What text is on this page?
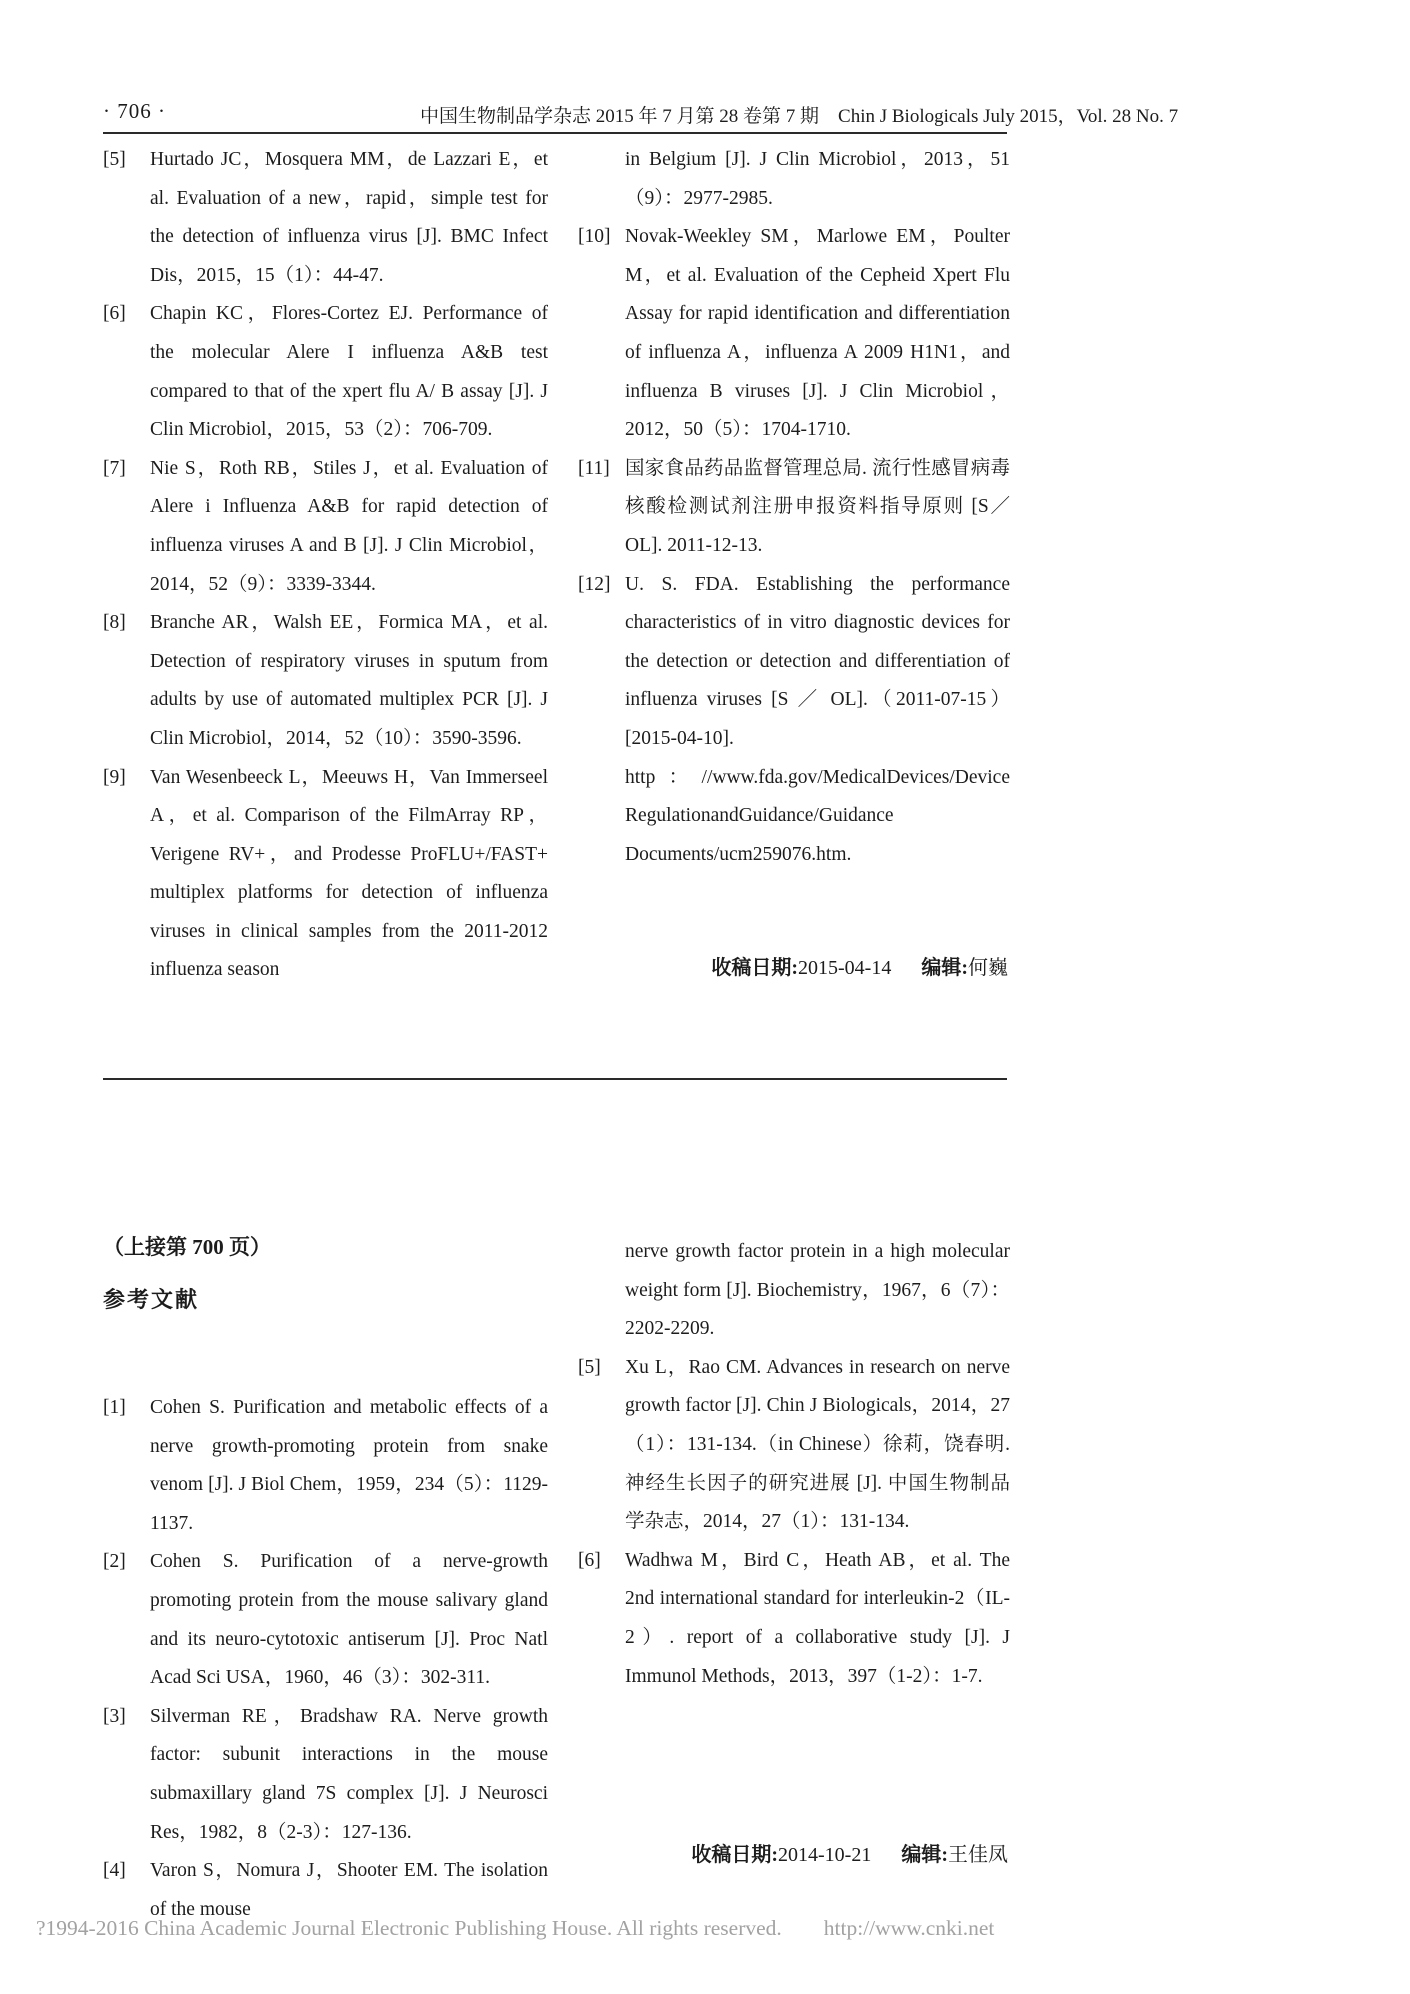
· 706 ·	中国生物制品学杂志 2015 年 7 月第 28 卷第 7 期 Chin J Biologicals July 2015，Vol. 28 No. 7
[5] Hurtado JC，Mosquera MM，de Lazzari E，et al. Evaluation of a new，rapid，simple test for the detection of influenza virus [J]. BMC Infect Dis，2015，15（1）：44-47.
[6] Chapin KC，Flores-Cortez EJ. Performance of the molecular Alere I influenza A&B test compared to that of the xpert flu A/ B assay [J]. J Clin Microbiol，2015，53（2）：706-709.
[7] Nie S，Roth RB，Stiles J，et al. Evaluation of Alere i Influenza A&B for rapid detection of influenza viruses A and B [J]. J Clin Microbiol，2014，52（9）：3339-3344.
[8] Branche AR，Walsh EE，Formica MA，et al. Detection of respiratory viruses in sputum from adults by use of automated multiplex PCR [J]. J Clin Microbiol，2014，52（10）：3590-3596.
[9] Van Wesenbeeck L，Meeuws H，Van Immerseel A，et al. Comparison of the FilmArray RP，Verigene RV+，and Prodesse ProFLU+/FAST+ multiplex platforms for detection of influenza viruses in clinical samples from the 2011-2012 influenza season
in Belgium [J]. J Clin Microbiol，2013，51（9）：2977-2985.
[10] Novak-Weekley SM，Marlowe EM，Poulter M，et al. Evaluation of the Cepheid Xpert Flu Assay for rapid identification and differentiation of influenza A，influenza A 2009 H1N1，and influenza B viruses [J]. J Clin Microbiol，2012，50（5）：1704-1710.
[11] 国家食品药品监督管理总局. 流行性感冒病毒核酸检测试剂注册申报资料指导原则 [S／OL]. 2011-12-13.
[12] U. S. FDA. Establishing the performance characteristics of in vitro diagnostic devices for the detection or detection and differentiation of influenza viruses [S ／ OL].（2011-07-15）[2015-04-10]. http：//www.fda.gov/MedicalDevices/Device RegulationandGuidance/Guidance Documents/ucm259076.htm.
收稿日期:2015-04-14 编辑:何巍
（上接第 700 页）
参考文献
[1] Cohen S. Purification and metabolic effects of a nerve growth-promoting protein from snake venom [J]. J Biol Chem，1959，234（5）：1129-1137.
[2] Cohen S. Purification of a nerve-growth promoting protein from the mouse salivary gland and its neuro-cytotoxic antiserum [J]. Proc Natl Acad Sci USA，1960，46（3）：302-311.
[3] Silverman RE，Bradshaw RA. Nerve growth factor: subunit interactions in the mouse submaxillary gland 7S complex [J]. J Neurosci Res，1982，8（2-3）：127-136.
[4] Varon S，Nomura J，Shooter EM. The isolation of the mouse
nerve growth factor protein in a high molecular weight form [J]. Biochemistry，1967，6（7）：2202-2209.
[5] Xu L，Rao CM. Advances in research on nerve growth factor [J]. Chin J Biologicals，2014，27（1）：131-134.（in Chinese）徐莉，饶春明. 神经生长因子的研究进展 [J]. 中国生物制品学杂志，2014，27（1）：131-134.
[6] Wadhwa M，Bird C，Heath AB，et al. The 2nd international standard for interleukin-2（IL-2）. report of a collaborative study [J]. J Immunol Methods，2013，397（1-2）：1-7.
收稿日期:2014-10-21 编辑:王佳凤
?1994-2016 China Academic Journal Electronic Publishing House. All rights reserved. http://www.cnki.net
